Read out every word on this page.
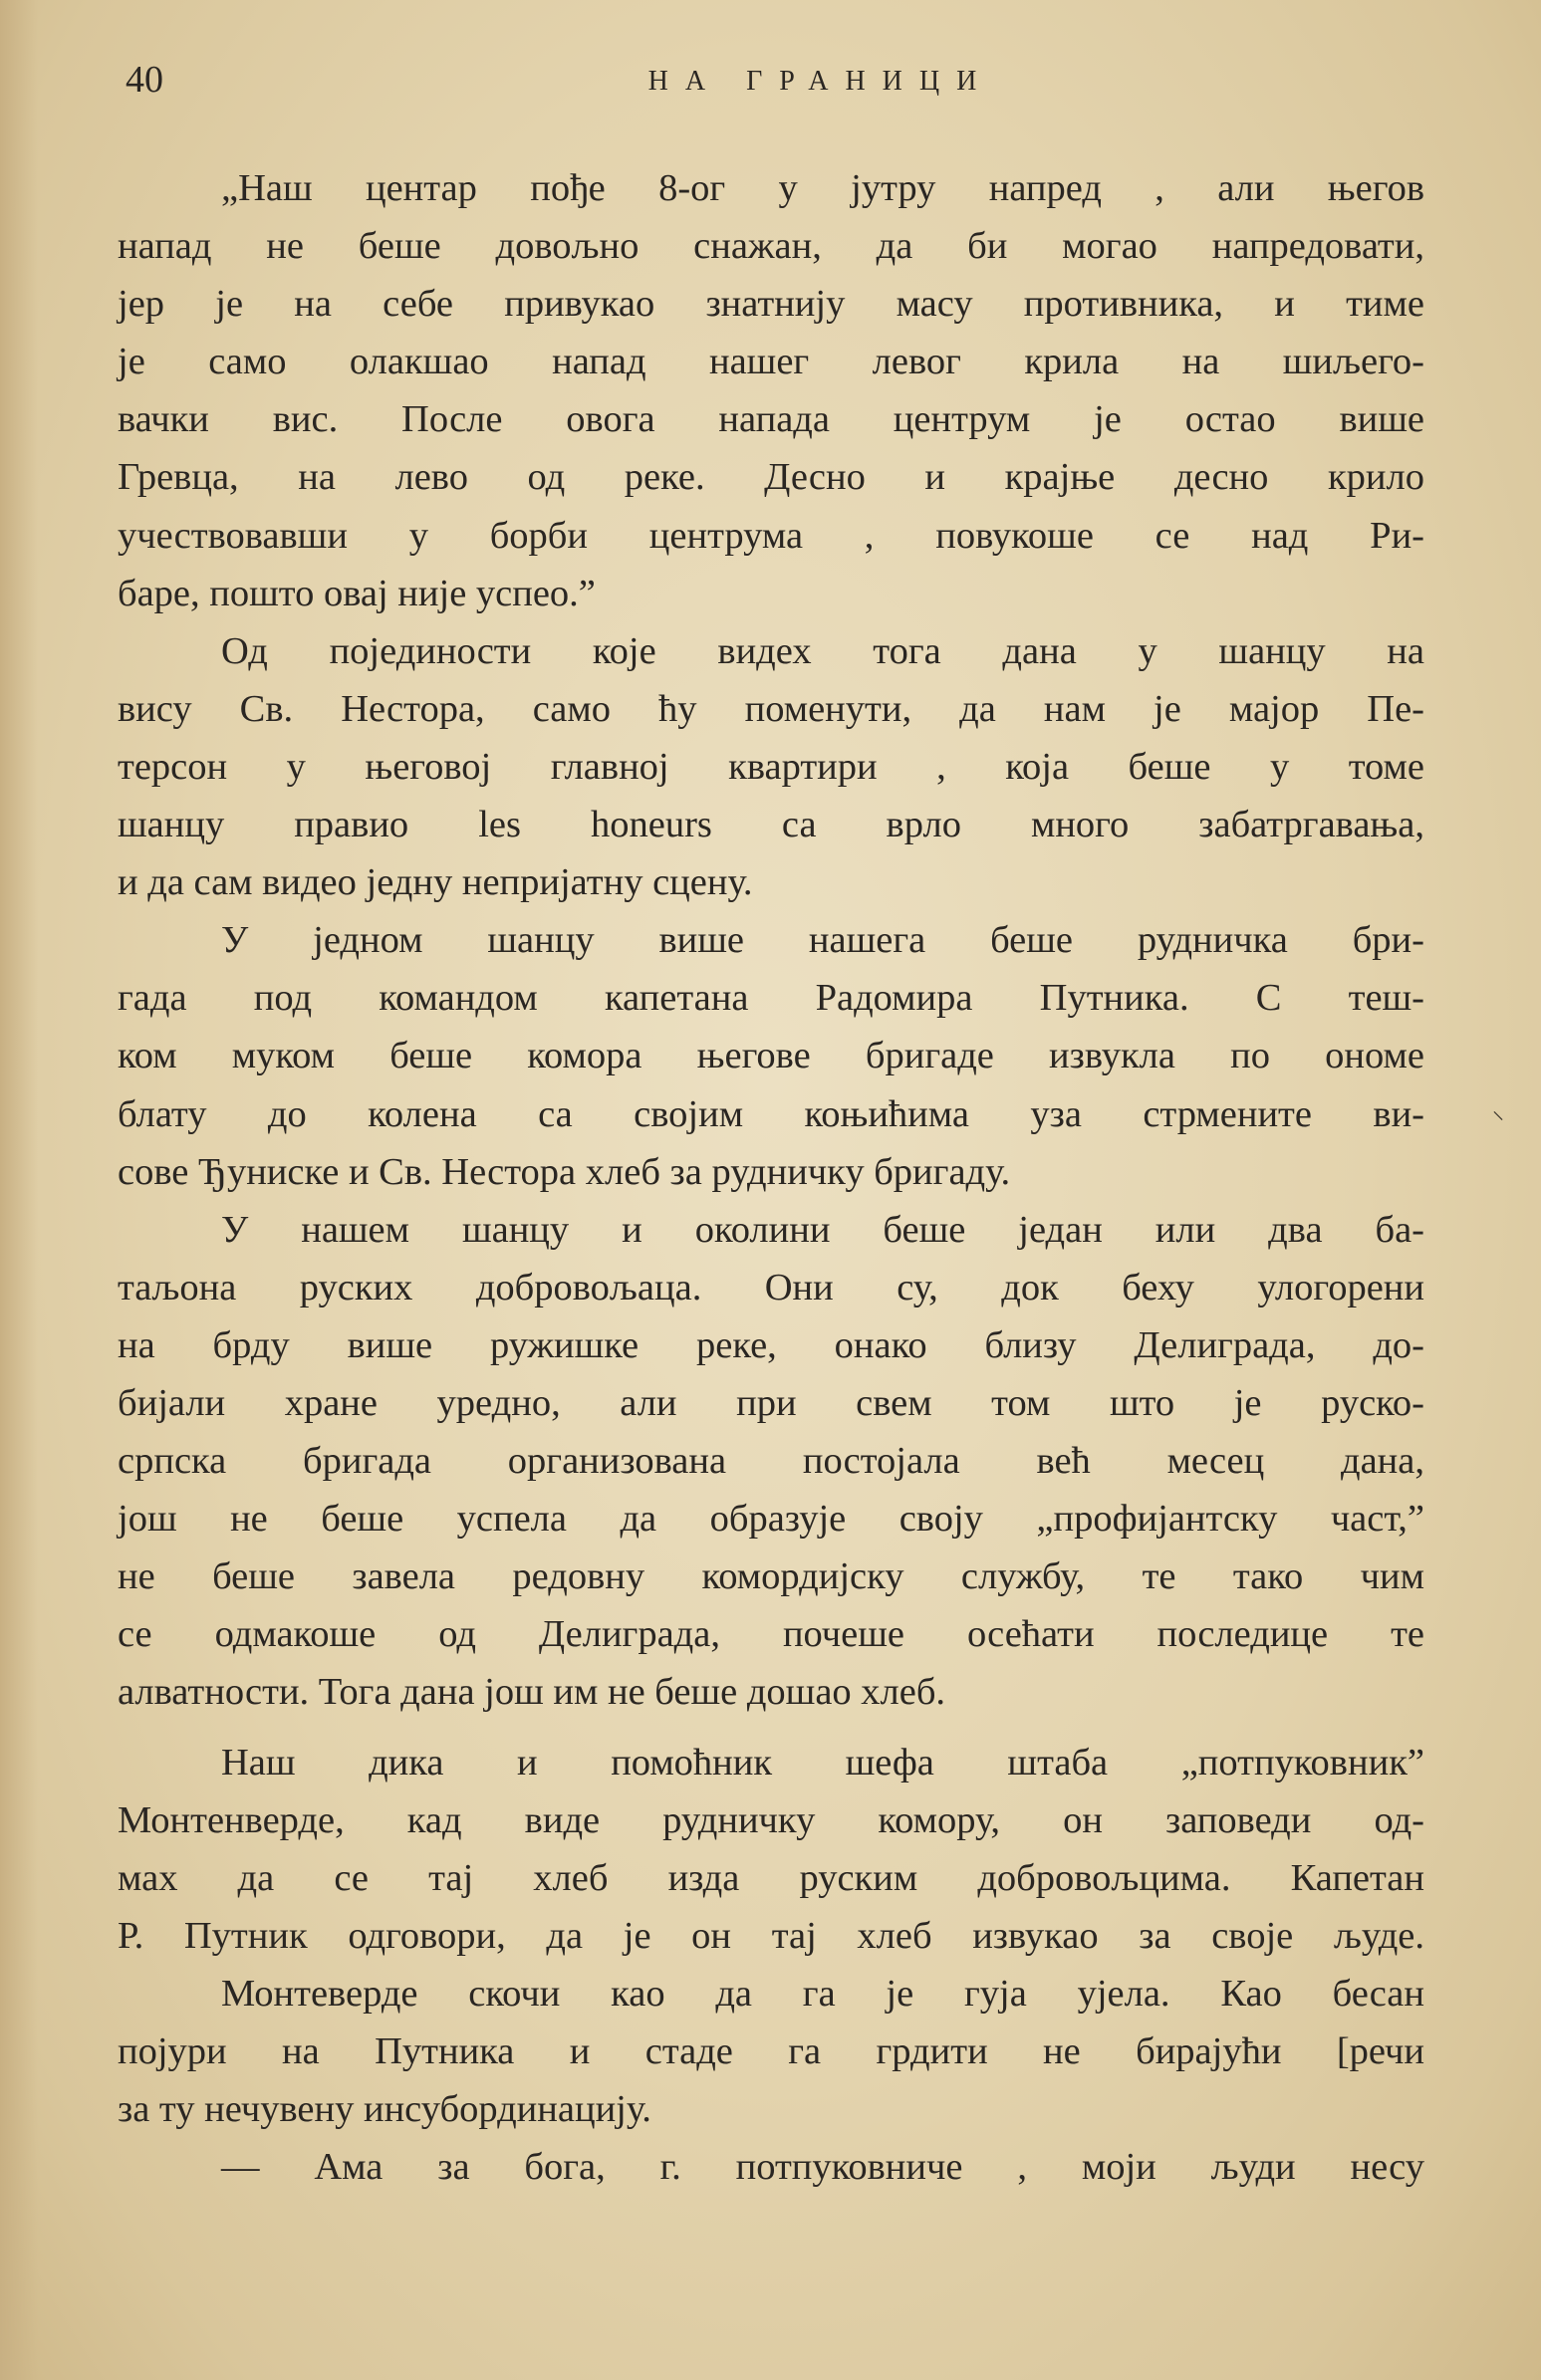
40	НА ГРАНИЦИ
„Наш центар пође 8-ог у јутру напред , али његов
напад не беше довољно снажан, да би могао напредовати,
јер је на себе привукао знатнију масу противника, и тиме
је само олакшао напад нашег левог крила на шиљего-
вачки вис. После овога напада центрум је остао више
Гревца, на лево од реке. Десно и крајње десно крило
учествовавши у борби центрума , повукоше се над Ри-
баре, пошто овај није успео.”
Од појединости које видех тога дана у шанцу на
вису Св. Нестора, само ћу поменути, да нам је мајор Пе-
терсон у његовој главној квартири , која беше у томе
шанцу правио les honeurs са врло много забатргавања,
и да сам видео једну непријатну сцену.
У једном шанцу више нашега беше рудничка бри-
гада под командом капетана Радомира Путника. С теш-
ком муком беше комора његове бригаде извукла по ономе
блату до колена са својим коњићима уза стрмените ви-
сове Ђуниске и Св. Нестора хлеб за рудничку бригаду.
У нашем шанцу и околини беше један или два ба-
таљона руских добровољаца. Они су, док беху улогорени
на брду више ружишке реке, онако близу Делиграда, до-
бијали хране уредно, али при свем том што је руско-
српска бригада организована постојала већ месец дана,
још не беше успела да образује своју „профијантску част,”
не беше завела редовну комордијску службу, те тако чим
се одмакоше од Делиграда, почеше осећати последице те
алватности. Тога дана још им не беше дошао хлеб.
Наш дика и помоћник шефа штаба „потпуковник”
Монтенверде, кад виде рудничку комору, он заповеди од-
мах да се тај хлеб изда руским добровољцима. Капетан
Р. Путник одговори, да је он тај хлеб извукао за своје људе.
Монтеверде скочи као да га је гуја ујела. Као бесан
појури на Путника и стаде га грдити не бирајући [речи
за ту нечувену инсубординацију.
— Ама за бога, г. потпуковниче , моји људи несу
⸜
